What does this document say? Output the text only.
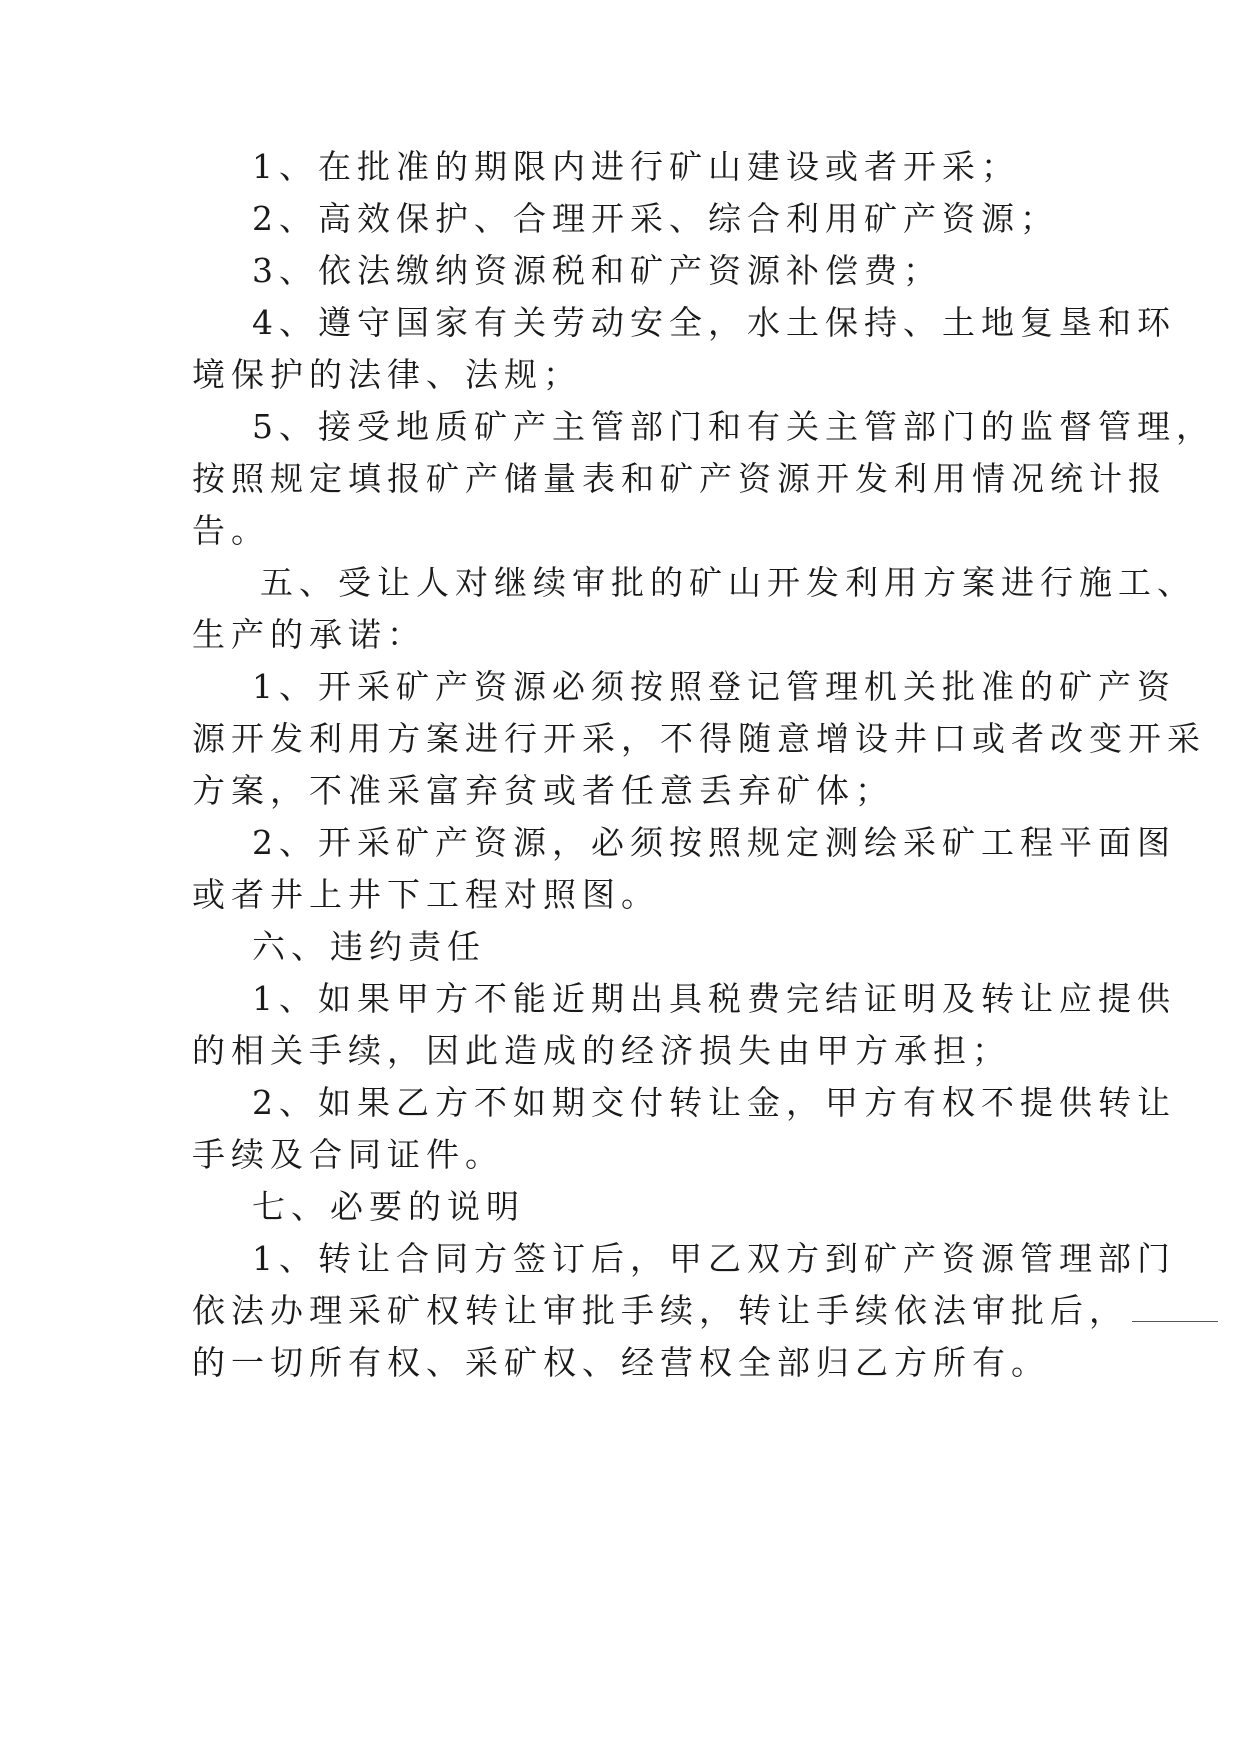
1、在批准的期限内进行矿山建设或者开采；
2、高效保护、合理开采、综合利用矿产资源；
3、依法缴纳资源税和矿产资源补偿费；
4、遵守国家有关劳动安全，水土保持、土地复垦和环
境保护的法律、法规；
5、接受地质矿产主管部门和有关主管部门的监督管理，
按照规定填报矿产储量表和矿产资源开发利用情况统计报
告。
五、受让人对继续审批的矿山开发利用方案进行施工、
生产的承诺：
1、开采矿产资源必须按照登记管理机关批准的矿产资
源开发利用方案进行开采，不得随意增设井口或者改变开采
方案，不准采富弃贫或者任意丢弃矿体；
2、开采矿产资源，必须按照规定测绘采矿工程平面图
或者井上井下工程对照图。
六、违约责任
1、如果甲方不能近期出具税费完结证明及转让应提供
的相关手续，因此造成的经济损失由甲方承担；
2、如果乙方不如期交付转让金，甲方有权不提供转让
手续及合同证件。
七、必要的说明
1、转让合同方签订后，甲乙双方到矿产资源管理部门
依法办理采矿权转让审批手续，转让手续依法审批后，
的一切所有权、采矿权、经营权全部归乙方所有。
